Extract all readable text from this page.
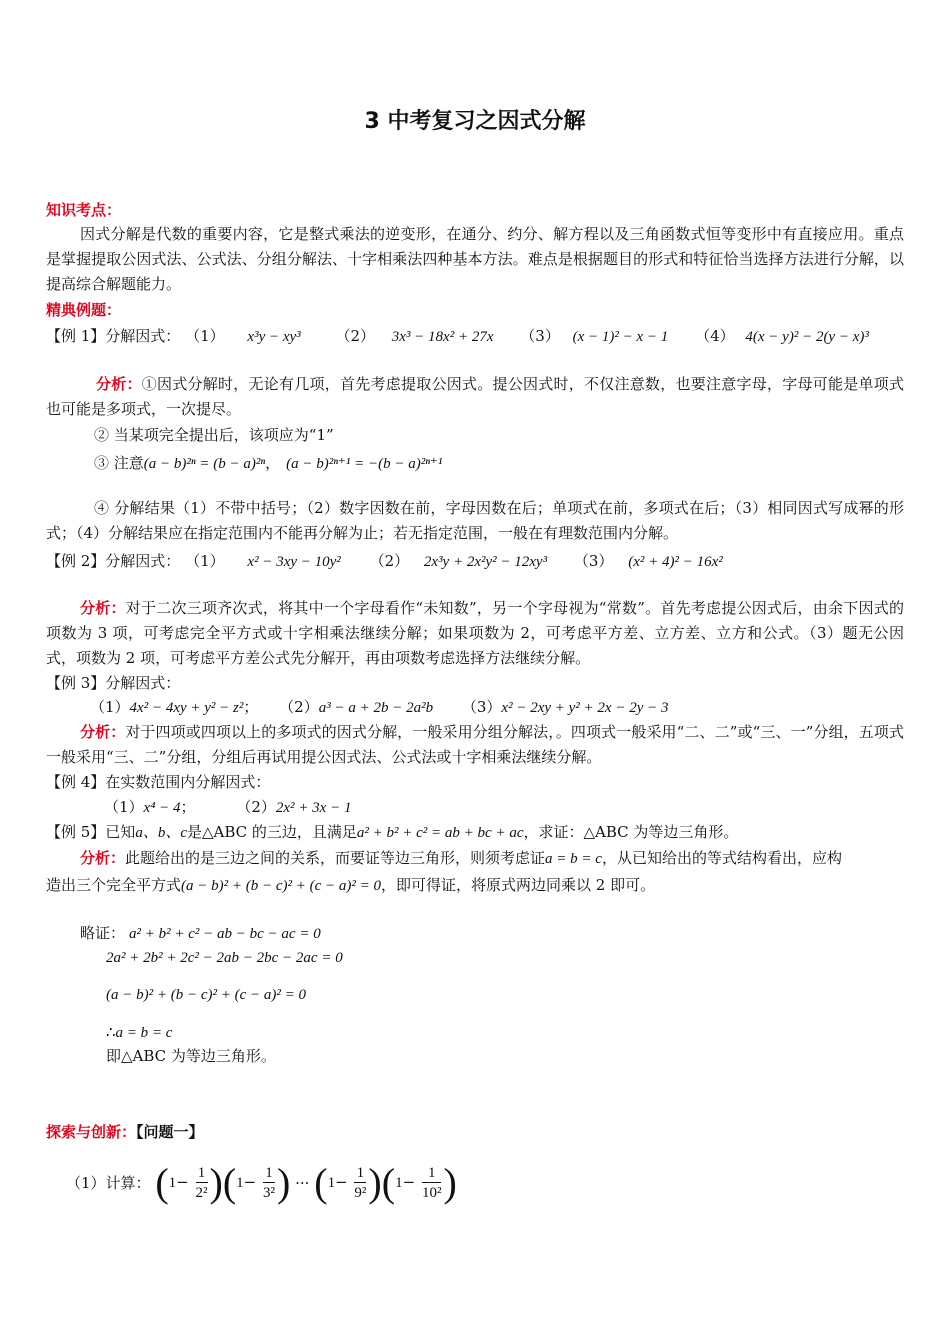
3 中考复习之因式分解
知识考点：
因式分解是代数的重要内容，它是整式乘法的逆变形，在通分、约分、解方程以及三角函数式恒等变形中有直接应用。重点是掌握提取公因式法、公式法、分组分解法、十字相乘法四种基本方法。难点是根据题目的形式和特征恰当选择方法进行分解，以提高综合解题能力。
精典例题：
【例 1】分解因式： （1） x³y − xy³ （2） 3x³ − 18x² + 27x （3） (x − 1)² − x − 1 （4） 4(x − y)² − 2(y − x)³
分析：①因式分解时，无论有几项，首先考虑提取公因式。提公因式时，不仅注意数，也要注意字母，字母可能是单项式也可能是多项式，一次提尽。
② 当某项完全提出后，该项应为“1”
③ 注意(a − b)²ⁿ = (b − a)²ⁿ， (a − b)²ⁿ⁺¹ = −(b − a)²ⁿ⁺¹
④ 分解结果（1）不带中括号；（2）数字因数在前，字母因数在后；单项式在前，多项式在后；（3）相同因式写成幂的形式；（4）分解结果应在指定范围内不能再分解为止；若无指定范围，一般在有理数范围内分解。
【例 2】分解因式： （1） x² − 3xy − 10y² （2） 2x³y + 2x²y² − 12xy³ （3） (x² + 4)² − 16x²
分析：对于二次三项齐次式，将其中一个字母看作“未知数”，另一个字母视为“常数”。首先考虑提公因式后，由余下因式的项数为 3 项，可考虑完全平方式或十字相乘法继续分解；如果项数为 2，可考虑平方差、立方差、立方和公式。（3）题无公因式，项数为 2 项，可考虑平方差公式先分解开，再由项数考虑选择方法继续分解。
【例 3】分解因式：
（1）4x² − 4xy + y² − z²； （2）a³ − a + 2b − 2a²b （3）x² − 2xy + y² + 2x − 2y − 3
分析：对于四项或四项以上的多项式的因式分解，一般采用分组分解法，。四项式一般采用“二、二”或“三、一”分组，五项式一般采用“三、二”分组，分组后再试用提公因式法、公式法或十字相乘法继续分解。
【例 4】在实数范围内分解因式：
（1）x⁴ − 4；	（2）2x² + 3x − 1
【例 5】已知a、b、c是△ABC 的三边，且满足a² + b² + c² = ab + bc + ac，求证：△ABC 为等边三角形。
分析：此题给出的是三边之间的关系，而要证等边三角形，则须考虑证a = b = c，从已知给出的等式结构看出，应构
造出三个完全平方式(a − b)² + (b − c)² + (c − a)² = 0，即可得证，将原式两边同乘以 2 即可。
略证： a² + b² + c² − ab − bc − ac = 0
2a² + 2b² + 2c² − 2ab − 2bc − 2ac = 0
(a − b)² + (b − c)² + (c − a)² = 0
∴a = b = c
即△ABC 为等边三角形。
探索与创新：【问题一】
（1）计算： $(1- \frac{1}{\text{2²}} )(1- \frac{1}{\text{3²}}$ ) ··· $(1- \frac{1}{\text{9²}} )(1- \frac{1}{\text{10²}}$ )
